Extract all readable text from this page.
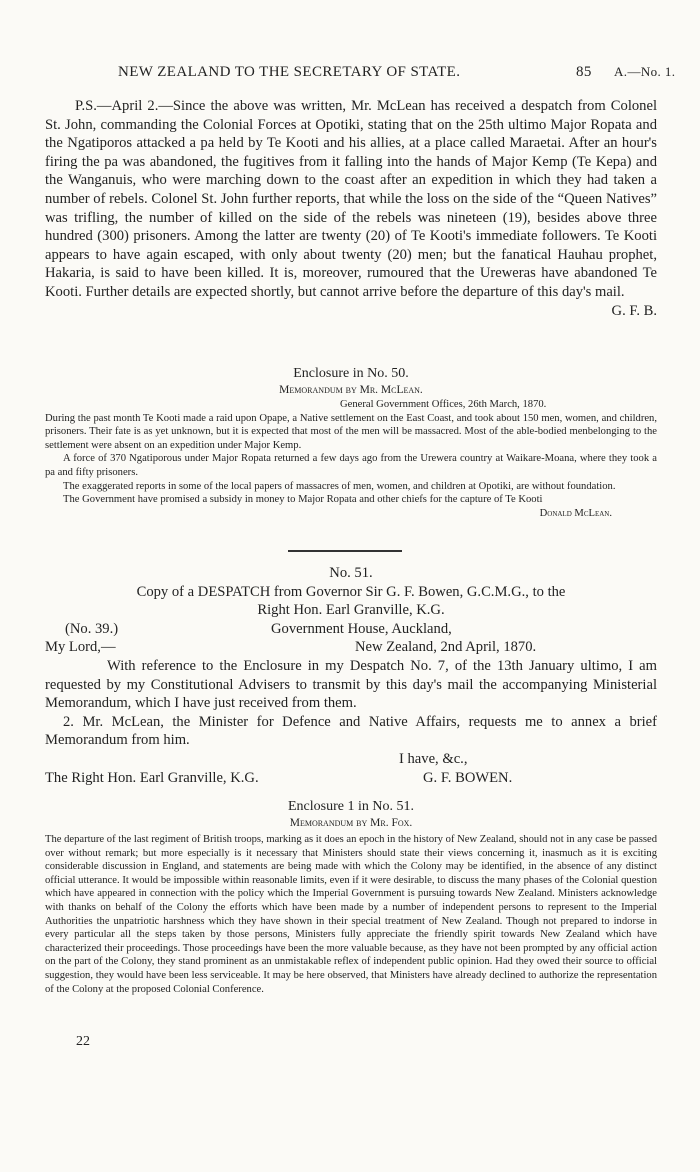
NEW ZEALAND TO THE SECRETARY OF STATE.	85 A.—No. 1.

P.S.—April 2.—Since the above was written, Mr. McLean has received a despatch from Colonel St. John, commanding the Colonial Forces at Opotiki, stating that on the 25th ultimo Major Ropata and the Ngatiporos attacked a pa held by Te Kooti and his allies, at a place called Maraetai. After an hour's firing the pa was abandoned, the fugitives from it falling into the hands of Major Kemp (Te Kepa) and the Wanganuis, who were marching down to the coast after an expedition in which they had taken a number of rebels. Colonel St. John further reports, that while the loss on the side of the “Queen Natives” was trifling, the number of killed on the side of the rebels was nineteen (19), besides above three hundred (300) prisoners. Among the latter are twenty (20) of Te Kooti's immediate followers. Te Kooti appears to have again escaped, with only about twenty (20) men; but the fanatical Hauhau prophet, Hakaria, is said to have been killed. It is, moreover, rumoured that the Ureweras have abandoned Te Kooti. Further details are expected shortly, but cannot arrive before the departure of this day's mail.

G. F. B.

Enclosure in No. 50.

Memorandum by Mr. McLean.

General Government Offices, 26th March, 1870.

During the past month Te Kooti made a raid upon Opape, a Native settlement on the East Coast, and took about 150 men, women, and children, prisoners. Their fate is as yet unknown, but it is expected that most of the men will be massacred. Most of the able-bodied menbelonging to the settlement were absent on an expedition under Major Kemp.

A force of 370 Ngatiporous under Major Ropata returned a few days ago from the Urewera country at Waikare-Moana, where they took a pa and fifty prisoners.

The exaggerated reports in some of the local papers of massacres of men, women, and children at Opotiki, are without foundation.

The Government have promised a subsidy in money to Major Ropata and other chiefs for the capture of Te Kooti

Donald McLean.

No. 51.

Copy of a DESPATCH from Governor Sir G. F. Bowen, G.C.M.G., to the

Right Hon. Earl Granville, K.G.

(No. 39.)	Government House, Auckland,
My Lord,—	New Zealand, 2nd April, 1870.

With reference to the Enclosure in my Despatch No. 7, of the 13th January ultimo, I am requested by my Constitutional Advisers to transmit by this day's mail the accompanying Ministerial Memorandum, which I have just received from them.

2. Mr. McLean, the Minister for Defence and Native Affairs, requests me to annex a brief Memorandum from him.

I have, &c.,

The Right Hon. Earl Granville, K.G.	G. F. BOWEN.

Enclosure 1 in No. 51.

Memorandum by Mr. Fox.

The departure of the last regiment of British troops, marking as it does an epoch in the history of New Zealand, should not in any case be passed over without remark; but more especially is it necessary that Ministers should state their views concerning it, inasmuch as it is exciting considerable discussion in England, and statements are being made with which the Colony may be identified, in the absence of any distinct official utterance. It would be impossible within reasonable limits, even if it were desirable, to discuss the many phases of the Colonial question which have appeared in connection with the policy which the Imperial Government is pursuing towards New Zealand. Ministers acknowledge with thanks on behalf of the Colony the efforts which have been made by a number of independent persons to represent to the Imperial Authorities the unpatriotic harshness which they have shown in their special treatment of New Zealand. Though not prepared to indorse in every particular all the steps taken by those persons, Ministers fully appreciate the friendly spirit towards New Zealand which have characterized their proceedings. Those proceedings have been the more valuable because, as they have not been prompted by any official action on the part of the Colony, they stand prominent as an unmistakable reflex of independent public opinion. Had they owed their source to official suggestion, they would have been less serviceable. It may be here observed, that Ministers have already declined to authorize the representation of the Colony at the proposed Colonial Conference.

22
